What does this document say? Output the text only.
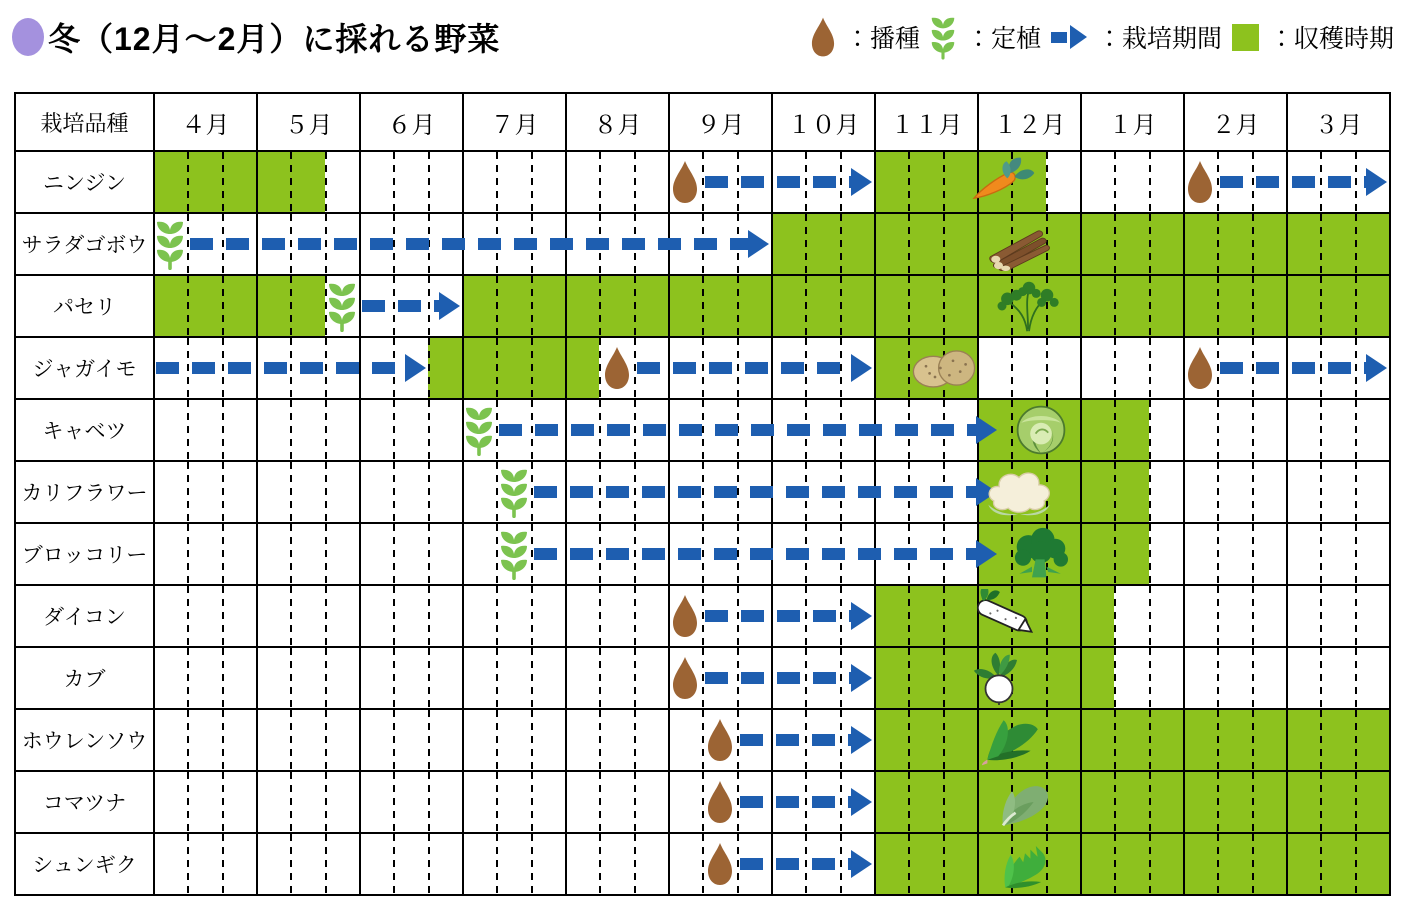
冬（12月〜2月）に採れる野菜	：播種 ：定植 ：栽培期間 ：収穫時期
栽培品種	４月	５月	６月	７月	８月	９月	１０月	１１月	１２月	１月	２月	３月
ニンジン
サラダゴボウ
パセリ
ジャガイモ
キャベツ
カリフラワー
ブロッコリー
ダイコン
カブ
ホウレンソウ
コマツナ
シュンギク
